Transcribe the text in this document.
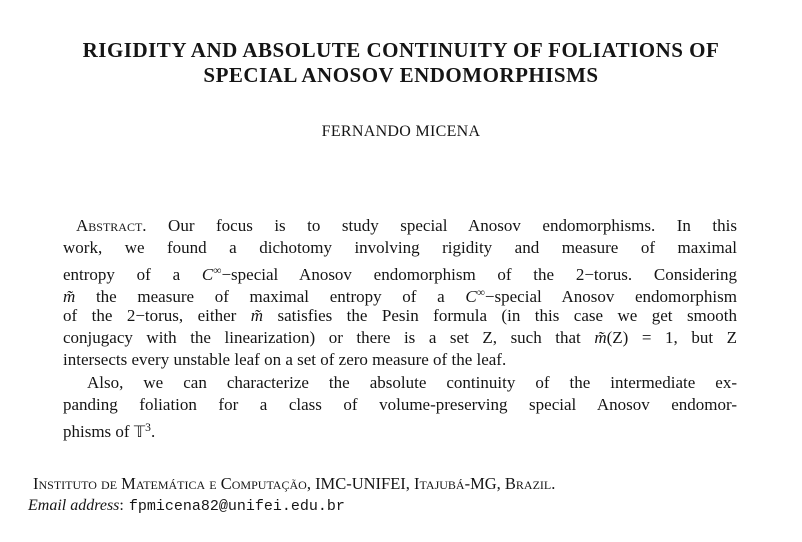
RIGIDITY AND ABSOLUTE CONTINUITY OF FOLIATIONS OF
SPECIAL ANOSOV ENDOMORPHISMS
FERNANDO MICENA
Abstract. Our focus is to study special Anosov endomorphisms. In this
work, we found a dichotomy involving rigidity and measure of maximal
entropy of a C∞−special Anosov endomorphism of the 2−torus. Considering
m̃ the measure of maximal entropy of a C∞−special Anosov endomorphism
of the 2−torus, either m̃ satisfies the Pesin formula (in this case we get smooth
conjugacy with the linearization) or there is a set Z, such that m̃(Z) = 1, but Z
intersects every unstable leaf on a set of zero measure of the leaf.
Also, we can characterize the absolute continuity of the intermediate ex-
panding foliation for a class of volume-preserving special Anosov endomor-
phisms of 𝕋$^3$.
Instituto de Matemática e Computação, IMC-UNIFEI, Itajubá-MG, Brazil.
Email address: fpmicena82@unifei.edu.br
